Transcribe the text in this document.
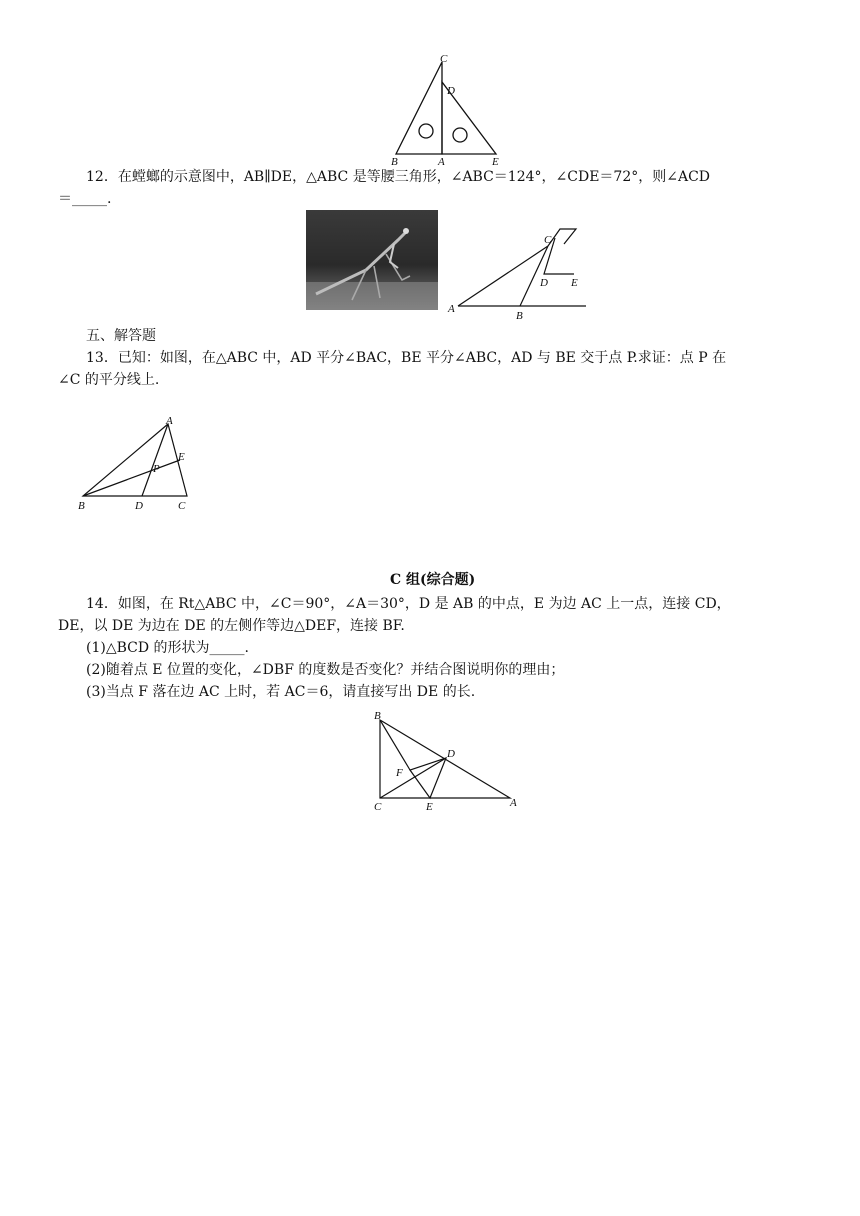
C
D
B	A	E
12．在螳螂的示意图中，AB∥DE，△ABC 是等腰三角形，∠ABC＝124°，∠CDE＝72°，则∠ACD
＝_____.
C
D E
A
B
五、解答题
13．已知：如图，在△ABC 中，AD 平分∠BAC，BE 平分∠ABC，AD 与 BE 交于点 P.求证：点 P 在
∠C 的平分线上.
A
B	D	C
E
P
C 组(综合题)
14．如图，在 Rt△ABC 中，∠C＝90°，∠A＝30°，D 是 AB 的中点，E 为边 AC 上一点，连接 CD，
DE，以 DE 为边在 DE 的左侧作等边△DEF，连接 BF.
(1)△BCD 的形状为_____.
(2)随着点 E 位置的变化，∠DBF 的度数是否变化？并结合图说明你的理由；
(3)当点 F 落在边 AC 上时，若 AC＝6，请直接写出 DE 的长.
B
D
F
C	E	A
